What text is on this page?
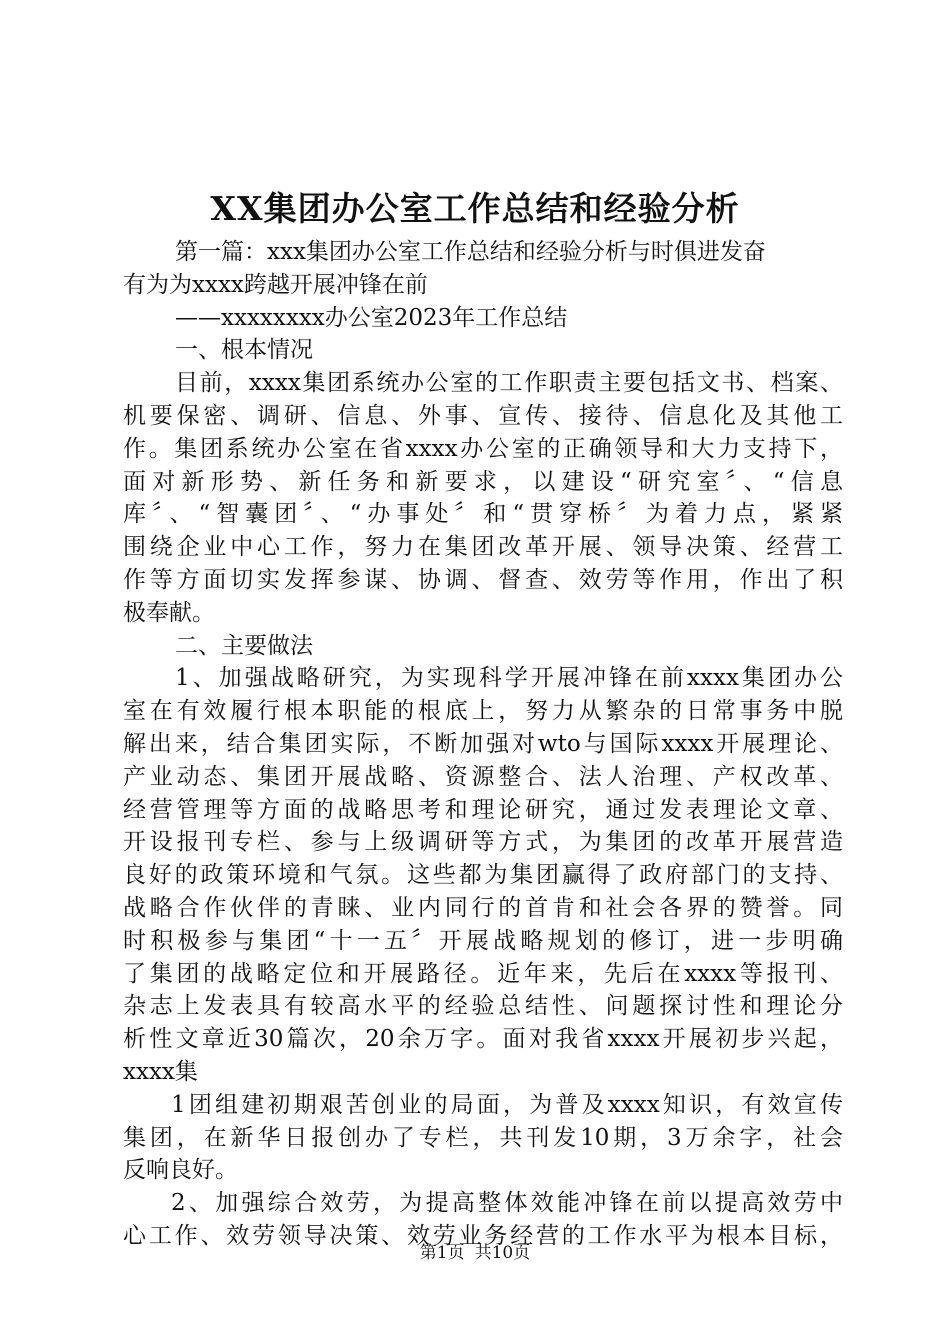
XX集团办公室工作总结和经验分析
第一篇：xxx集团办公室工作总结和经验分析与时俱进发奋
有为为xxxx跨越开展冲锋在前
——xxxxxxxx办公室2023年工作总结
一、根本情况
目前，xxxx集团系统办公室的工作职责主要包括文书、档案、
机要保密、调研、信息、外事、宣传、接待、信息化及其他工
作。集团系统办公室在省xxxx办公室的正确领导和大力支持下，
面对新形势、新任务和新要求，以建设“研究室〞、“信息
库〞、“智囊团〞、“办事处〞和“贯穿桥〞为着力点，紧紧
围绕企业中心工作，努力在集团改革开展、领导决策、经营工
作等方面切实发挥参谋、协调、督查、效劳等作用，作出了积
极奉献。
二、主要做法
1、加强战略研究，为实现科学开展冲锋在前xxxx集团办公
室在有效履行根本职能的根底上，努力从繁杂的日常事务中脱
解出来，结合集团实际，不断加强对wto与国际xxxx开展理论、
产业动态、集团开展战略、资源整合、法人治理、产权改革、
经营管理等方面的战略思考和理论研究，通过发表理论文章、
开设报刊专栏、参与上级调研等方式，为集团的改革开展营造
良好的政策环境和气氛。这些都为集团赢得了政府部门的支持、
战略合作伙伴的青睐、业内同行的首肯和社会各界的赞誉。同
时积极参与集团“十一五〞开展战略规划的修订，进一步明确
了集团的战略定位和开展路径。近年来，先后在xxxx等报刊、
杂志上发表具有较高水平的经验总结性、问题探讨性和理论分
析性文章近30篇次，20余万字。面对我省xxxx开展初步兴起，
xxxx集
1团组建初期艰苦创业的局面，为普及xxxx知识，有效宣传
集团，在新华日报创办了专栏，共刊发10期，3万余字，社会
反响良好。
2、加强综合效劳，为提高整体效能冲锋在前以提高效劳中
心工作、效劳领导决策、效劳业务经营的工作水平为根本目标，
第1页 共10页
